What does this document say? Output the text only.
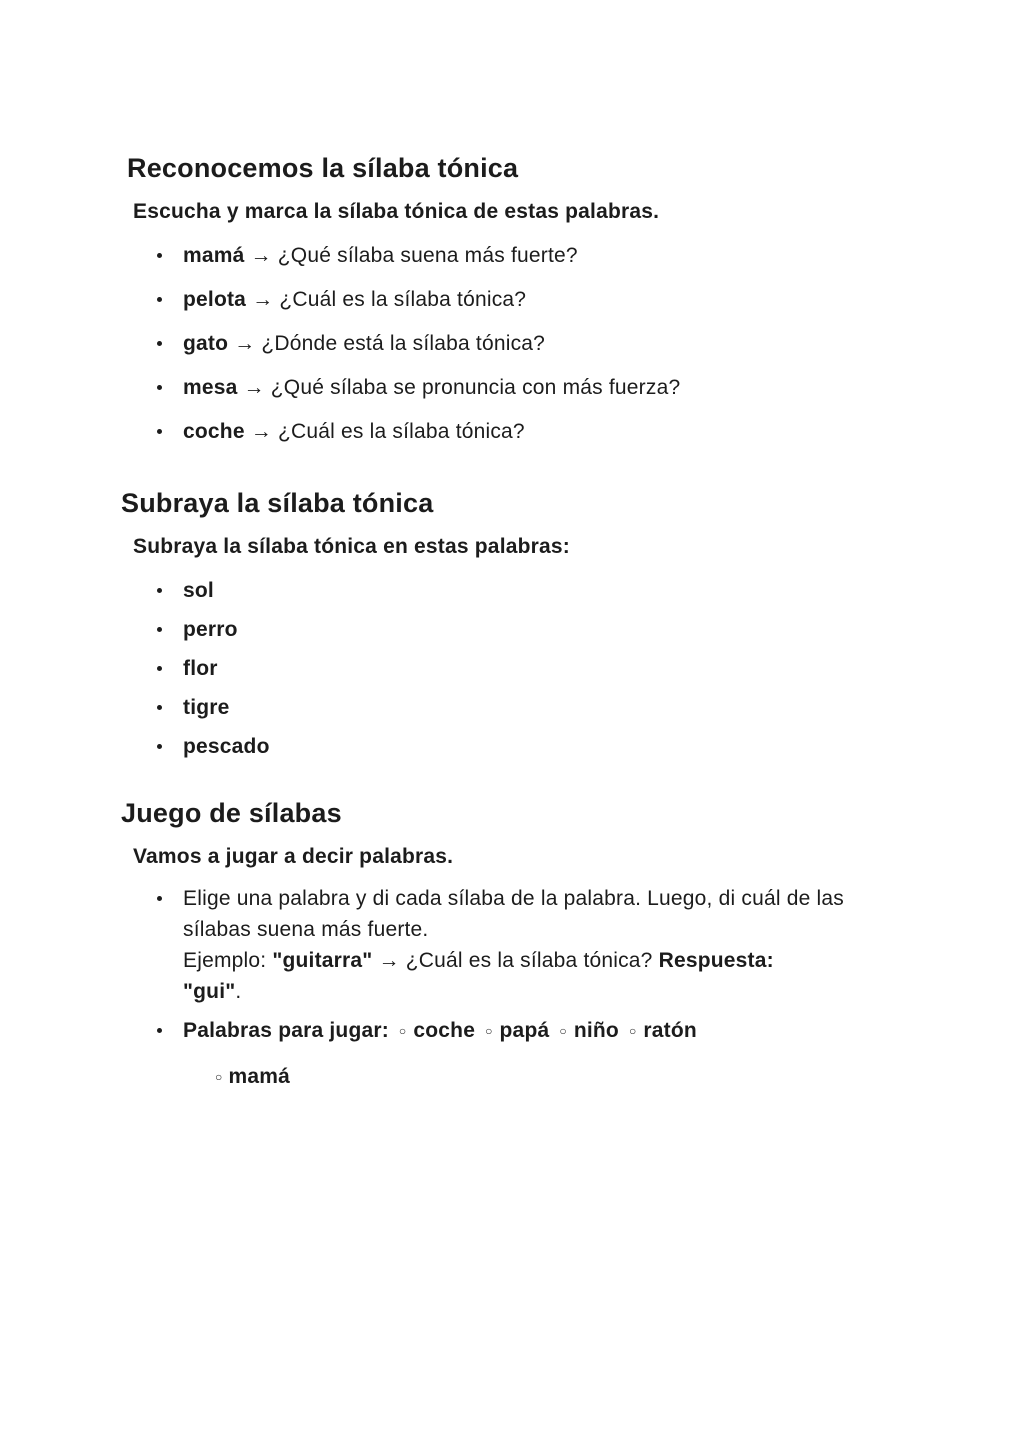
Reconocemos la sílaba tónica

Escucha y marca la sílaba tónica de estas palabras.

mamá → ¿Qué sílaba suena más fuerte?
pelota → ¿Cuál es la sílaba tónica?
gato → ¿Dónde está la sílaba tónica?
mesa → ¿Qué sílaba se pronuncia con más fuerza?
coche → ¿Cuál es la sílaba tónica?
Subraya la sílaba tónica

Subraya la sílaba tónica en estas palabras:

sol
perro
flor
tigre
pescado
Juego de sílabas

Vamos a jugar a decir palabras.

Elige una palabra y di cada sílaba de la palabra. Luego, di cuál de las
sílabas suena más fuerte.
Ejemplo: "guitarra" → ¿Cuál es la sílaba tónica? Respuesta:
"gui".
Palabras para jugar: ○ coche ○ papá ○ niño ○ ratón
○ mamá
